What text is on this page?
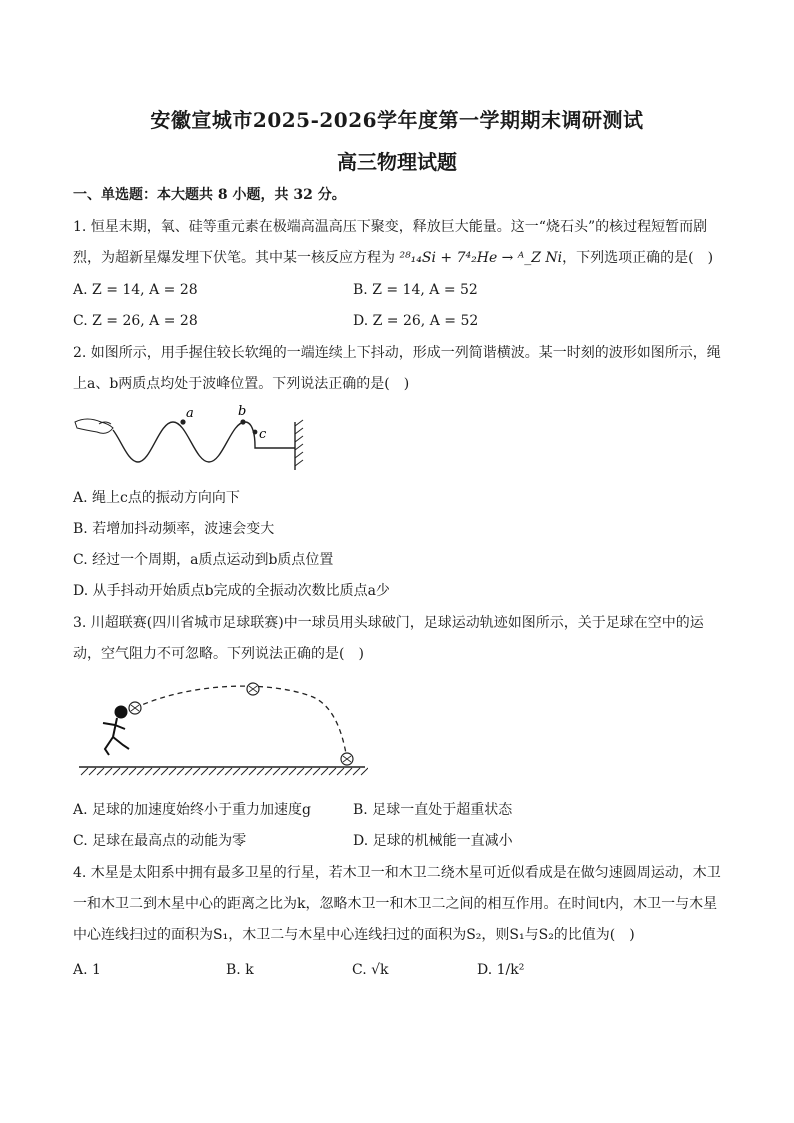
安徽宣城市2025-2026学年度第一学期期末调研测试
高三物理试题
一、单选题：本大题共 8 小题，共 32 分。
1. 恒星末期，氧、硅等重元素在极端高温高压下聚变，释放巨大能量。这一“烧石头”的核过程短暂而剧
烈，为超新星爆发埋下伏笔。其中某一核反应方程为 ²⁸₁₄Si + 7⁴₂He → ᴬ_Z Ni，下列选项正确的是(　)
A. Z = 14, A = 28	B. Z = 14, A = 52
C. Z = 26, A = 28	D. Z = 26, A = 52
2. 如图所示，用手握住较长软绳的一端连续上下抖动，形成一列简谐横波。某一时刻的波形如图所示，绳
上a、b两质点均处于波峰位置。下列说法正确的是(　)
a	b
c
A. 绳上c点的振动方向向下
B. 若增加抖动频率，波速会变大
C. 经过一个周期，a质点运动到b质点位置
D. 从手抖动开始质点b完成的全振动次数比质点a少
3. 川超联赛(四川省城市足球联赛)中一球员用头球破门，足球运动轨迹如图所示，关于足球在空中的运
动，空气阻力不可忽略。下列说法正确的是(　)
A. 足球的加速度始终小于重力加速度g	B. 足球一直处于超重状态
C. 足球在最高点的动能为零	D. 足球的机械能一直减小
4. 木星是太阳系中拥有最多卫星的行星，若木卫一和木卫二绕木星可近似看成是在做匀速圆周运动，木卫
一和木卫二到木星中心的距离之比为k，忽略木卫一和木卫二之间的相互作用。在时间t内，木卫一与木星
中心连线扫过的面积为S₁，木卫二与木星中心连线扫过的面积为S₂，则S₁与S₂的比值为(　)
A. 1	B. k	C. √k	D. 1/k²
